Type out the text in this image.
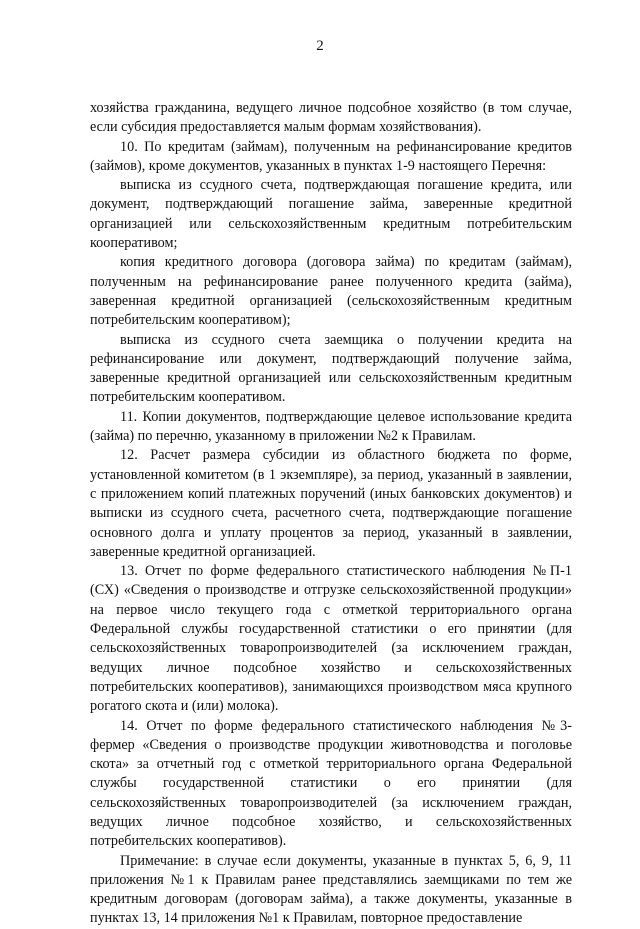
2

хозяйства гражданина, ведущего личное подсобное хозяйство (в том случае, если субсидия предоставляется малым формам хозяйствования).

10. По кредитам (займам), полученным на рефинансирование кредитов (займов), кроме документов, указанных в пунктах 1-9 настоящего Перечня:

выписка из ссудного счета, подтверждающая погашение кредита, или документ, подтверждающий погашение займа, заверенные кредитной организацией или сельскохозяйственным кредитным потребительским кооперативом;

копия кредитного договора (договора займа) по кредитам (займам), полученным на рефинансирование ранее полученного кредита (займа), заверенная кредитной организацией (сельскохозяйственным кредитным потребительским кооперативом);

выписка из ссудного счета заемщика о получении кредита на рефинансирование или документ, подтверждающий получение займа, заверенные кредитной организацией или сельскохозяйственным кредитным потребительским кооперативом.

11. Копии документов, подтверждающие целевое использование кредита (займа) по перечню, указанному в приложении №2 к Правилам.

12. Расчет размера субсидии из областного бюджета по форме, установленной комитетом (в 1 экземпляре), за период, указанный в заявлении, с приложением копий платежных поручений (иных банковских документов) и выписки из ссудного счета, расчетного счета, подтверждающие погашение основного долга и уплату процентов за период, указанный в заявлении, заверенные кредитной организацией.

13. Отчет по форме федерального статистического наблюдения №П-1 (СХ) «Сведения о производстве и отгрузке сельскохозяйственной продукции» на первое число текущего года с отметкой территориального органа Федеральной службы государственной статистики о его принятии (для сельскохозяйственных товаропроизводителей (за исключением граждан, ведущих личное подсобное хозяйство и сельскохозяйственных потребительских кооперативов), занимающихся производством мяса крупного рогатого скота и (или) молока).

14. Отчет по форме федерального статистического наблюдения №3-фермер «Сведения о производстве продукции животноводства и поголовье скота» за отчетный год с отметкой территориального органа Федеральной службы государственной статистики о его принятии (для сельскохозяйственных товаропроизводителей (за исключением граждан, ведущих личное подсобное хозяйство, и сельскохозяйственных потребительских кооперативов).

Примечание: в случае если документы, указанные в пунктах 5, 6, 9, 11 приложения №1 к Правилам ранее представлялись заемщиками по тем же кредитным договорам (договорам займа), а также документы, указанные в пунктах 13, 14 приложения №1 к Правилам, повторное предоставление
